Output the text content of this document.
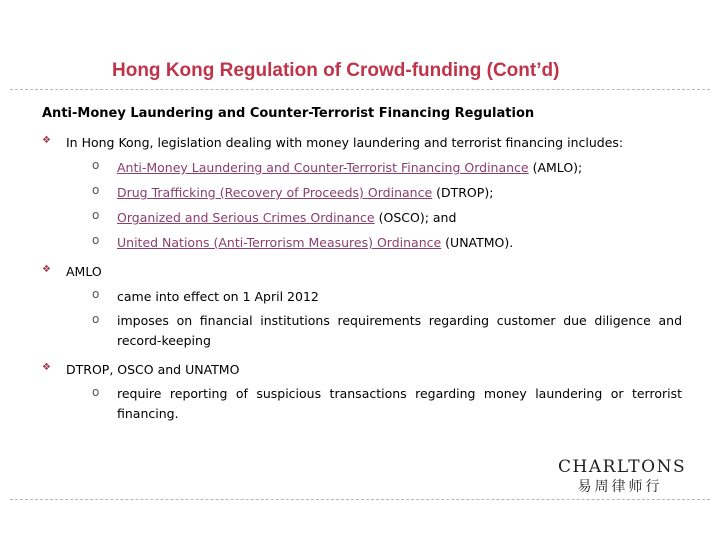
Hong Kong Regulation of Crowd-funding (Cont’d)
Anti-Money Laundering and Counter-Terrorist Financing Regulation
❖ In Hong Kong, legislation dealing with money laundering and terrorist financing includes:
o Anti-Money Laundering and Counter-Terrorist Financing Ordinance (AMLO);
o Drug Trafficking (Recovery of Proceeds) Ordinance (DTROP);
o Organized and Serious Crimes Ordinance (OSCO); and
o United Nations (Anti-Terrorism Measures) Ordinance (UNATMO).
❖ AMLO
o came into effect on 1 April 2012
o imposes on financial institutions requirements regarding customer due diligence and record-keeping
❖ DTROP, OSCO and UNATMO
o require reporting of suspicious transactions regarding money laundering or terrorist financing.
CHARLTONS
易周律师行
